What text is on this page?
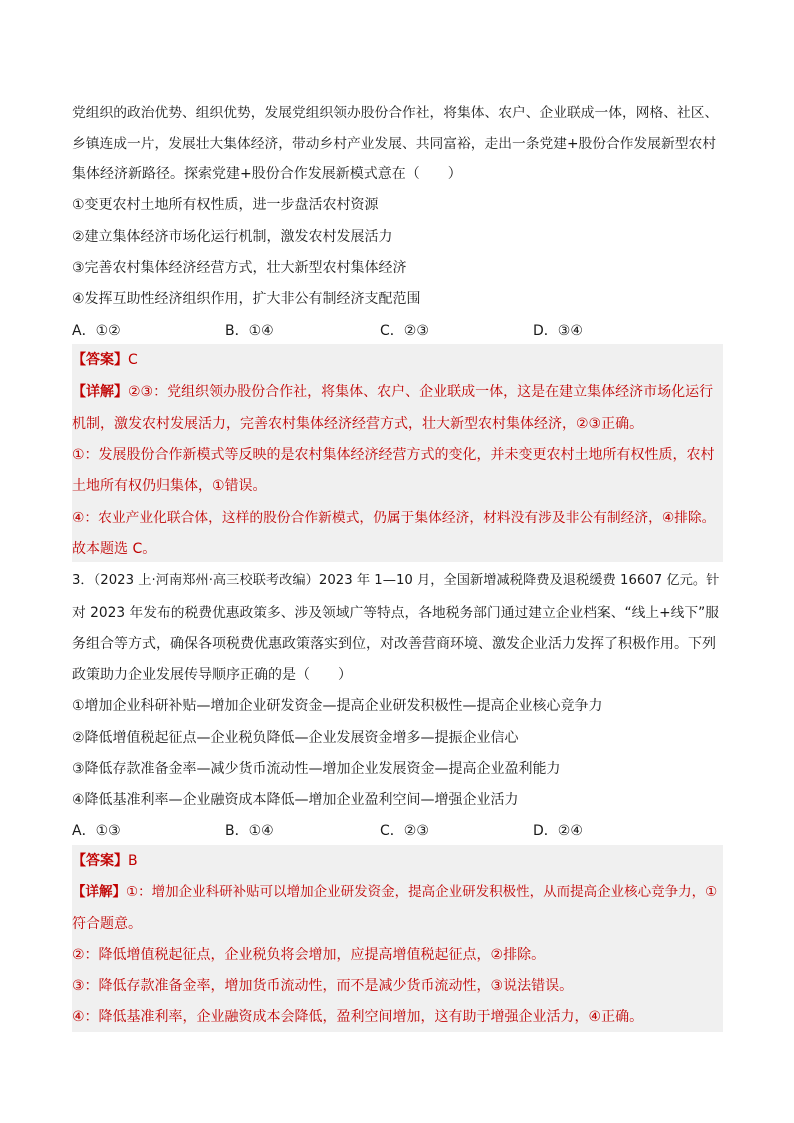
党组织的政治优势、组织优势，发展党组织领办股份合作社，将集体、农户、企业联成一体，网格、社区、
乡镇连成一片，发展壮大集体经济，带动乡村产业发展、共同富裕，走出一条党建+股份合作发展新型农村
集体经济新路径。探索党建+股份合作发展新模式意在（　　）
①变更农村土地所有权性质，进一步盘活农村资源
②建立集体经济市场化运行机制，激发农村发展活力
③完善农村集体经济经营方式，壮大新型农村集体经济
④发挥互助性经济组织作用，扩大非公有制经济支配范围
A．①②	B．①④	C．②③	D．③④
【答案】C
【详解】②③：党组织领办股份合作社，将集体、农户、企业联成一体，这是在建立集体经济市场化运行
机制，激发农村发展活力，完善农村集体经济经营方式，壮大新型农村集体经济，②③正确。
①：发展股份合作新模式等反映的是农村集体经济经营方式的变化，并未变更农村土地所有权性质，农村
土地所有权仍归集体，①错误。
④：农业产业化联合体，这样的股份合作新模式，仍属于集体经济，材料没有涉及非公有制经济，④排除。
故本题选 C。
3．（2023 上·河南郑州·高三校联考改编）2023 年 1—10 月，全国新增减税降费及退税缓费 16607 亿元。针
对 2023 年发布的税费优惠政策多、涉及领域广等特点，各地税务部门通过建立企业档案、“线上+线下”服
务组合等方式，确保各项税费优惠政策落实到位，对改善营商环境、激发企业活力发挥了积极作用。下列
政策助力企业发展传导顺序正确的是（　　）
①增加企业科研补贴—增加企业研发资金—提高企业研发积极性—提高企业核心竞争力
②降低增值税起征点—企业税负降低—企业发展资金增多—提振企业信心
③降低存款准备金率—减少货币流动性—增加企业发展资金—提高企业盈利能力
④降低基准利率—企业融资成本降低—增加企业盈利空间—增强企业活力
A．①③	B．①④	C．②③	D．②④
【答案】B
【详解】①：增加企业科研补贴可以增加企业研发资金，提高企业研发积极性，从而提高企业核心竞争力，①
符合题意。
②：降低增值税起征点，企业税负将会增加，应提高增值税起征点，②排除。
③：降低存款准备金率，增加货币流动性，而不是减少货币流动性，③说法错误。
④：降低基准利率，企业融资成本会降低，盈利空间增加，这有助于增强企业活力，④正确。
